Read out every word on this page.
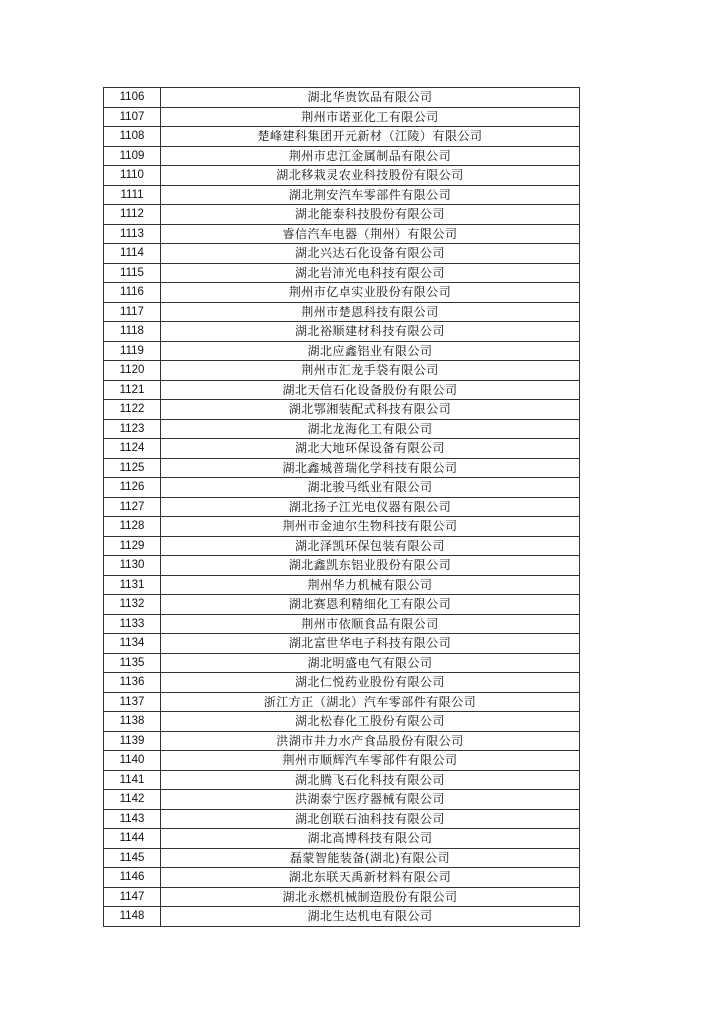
1106	湖北华贵饮品有限公司
1107	荆州市诺亚化工有限公司
1108	楚峰建科集团开元新材（江陵）有限公司
1109	荆州市忠江金属制品有限公司
1110	湖北移栽灵农业科技股份有限公司
1111	湖北荆安汽车零部件有限公司
1112	湖北能泰科技股份有限公司
1113	睿信汽车电器（荆州）有限公司
1114	湖北兴达石化设备有限公司
1115	湖北岩沛光电科技有限公司
1116	荆州市亿卓实业股份有限公司
1117	荆州市楚恩科技有限公司
1118	湖北裕顺建材科技有限公司
1119	湖北应鑫铝业有限公司
1120	荆州市汇龙手袋有限公司
1121	湖北天信石化设备股份有限公司
1122	湖北鄂湘装配式科技有限公司
1123	湖北龙海化工有限公司
1124	湖北大地环保设备有限公司
1125	湖北鑫城普瑞化学科技有限公司
1126	湖北骏马纸业有限公司
1127	湖北扬子江光电仪器有限公司
1128	荆州市金迪尔生物科技有限公司
1129	湖北泽凯环保包装有限公司
1130	湖北鑫凯东铝业股份有限公司
1131	荆州华力机械有限公司
1132	湖北赛恩利精细化工有限公司
1133	荆州市依顺食品有限公司
1134	湖北富世华电子科技有限公司
1135	湖北明盛电气有限公司
1136	湖北仁悦药业股份有限公司
1137	浙江方正（湖北）汽车零部件有限公司
1138	湖北松春化工股份有限公司
1139	洪湖市井力水产食品股份有限公司
1140	荆州市顺辉汽车零部件有限公司
1141	湖北腾飞石化科技有限公司
1142	洪湖泰宁医疗器械有限公司
1143	湖北创联石油科技有限公司
1144	湖北高博科技有限公司
1145	磊蒙智能装备(湖北)有限公司
1146	湖北东联天禹新材料有限公司
1147	湖北永燃机械制造股份有限公司
1148	湖北生达机电有限公司
